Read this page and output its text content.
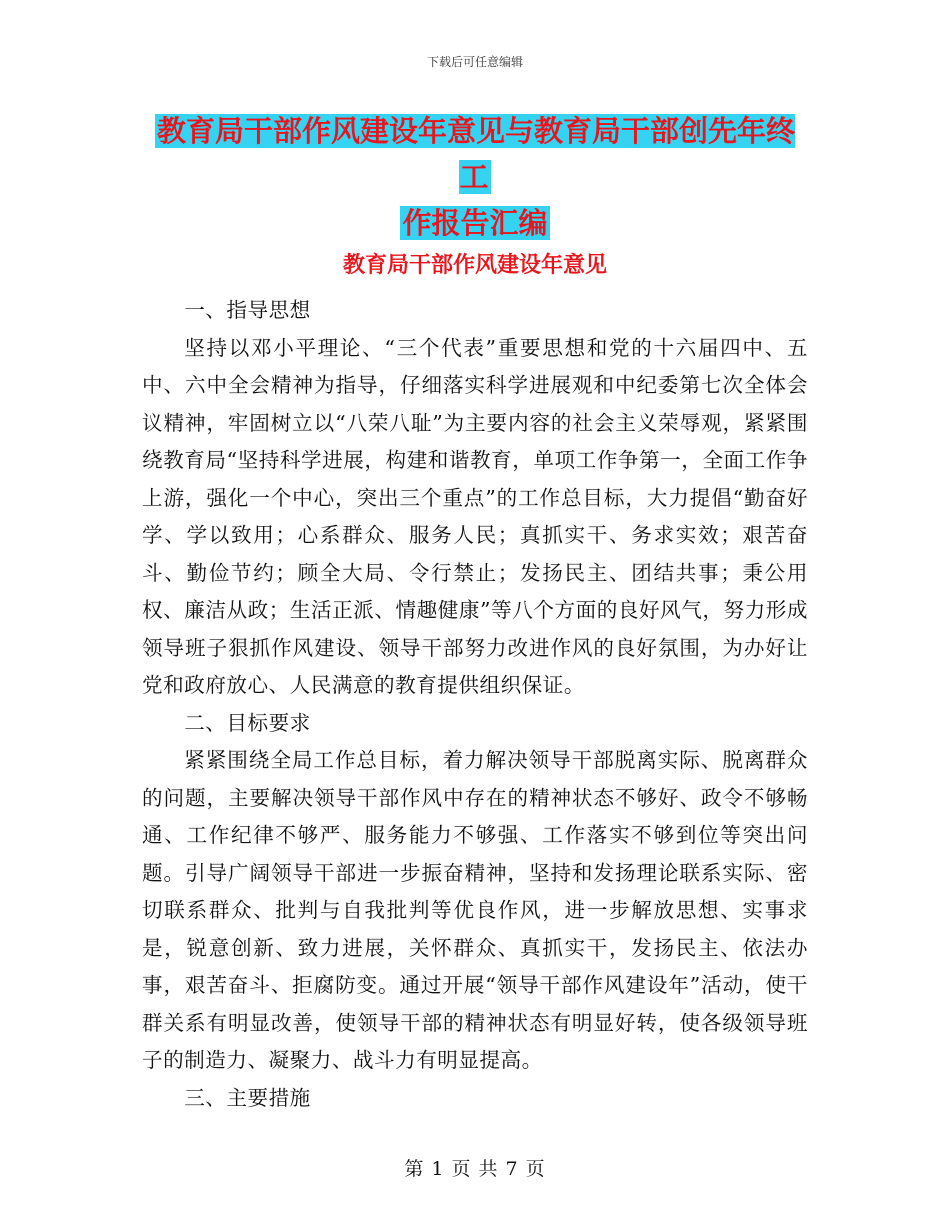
下载后可任意编辑
教育局干部作风建设年意见与教育局干部创先年终工
作报告汇编
教育局干部作风建设年意见

一、指导思想

坚持以邓小平理论、“三个代表”重要思想和党的十六届四中、五中、六中全会精神为指导，仔细落实科学进展观和中纪委第七次全体会议精神，牢固树立以“八荣八耻”为主要内容的社会主义荣辱观，紧紧围绕教育局“坚持科学进展，构建和谐教育，单项工作争第一，全面工作争上游，强化一个中心，突出三个重点”的工作总目标，大力提倡“勤奋好学、学以致用；心系群众、服务人民；真抓实干、务求实效；艰苦奋斗、勤俭节约；顾全大局、令行禁止；发扬民主、团结共事；秉公用权、廉洁从政；生活正派、情趣健康”等八个方面的良好风气，努力形成领导班子狠抓作风建设、领导干部努力改进作风的良好氛围，为办好让党和政府放心、人民满意的教育提供组织保证。

二、目标要求

紧紧围绕全局工作总目标，着力解决领导干部脱离实际、脱离群众的问题，主要解决领导干部作风中存在的精神状态不够好、政令不够畅通、工作纪律不够严、服务能力不够强、工作落实不够到位等突出问题。引导广阔领导干部进一步振奋精神，坚持和发扬理论联系实际、密切联系群众、批判与自我批判等优良作风，进一步解放思想、实事求是，锐意创新、致力进展，关怀群众、真抓实干，发扬民主、依法办事，艰苦奋斗、拒腐防变。通过开展“领导干部作风建设年”活动，使干群关系有明显改善，使领导干部的精神状态有明显好转，使各级领导班子的制造力、凝聚力、战斗力有明显提高。

三、主要措施

第 1 页 共 7 页
